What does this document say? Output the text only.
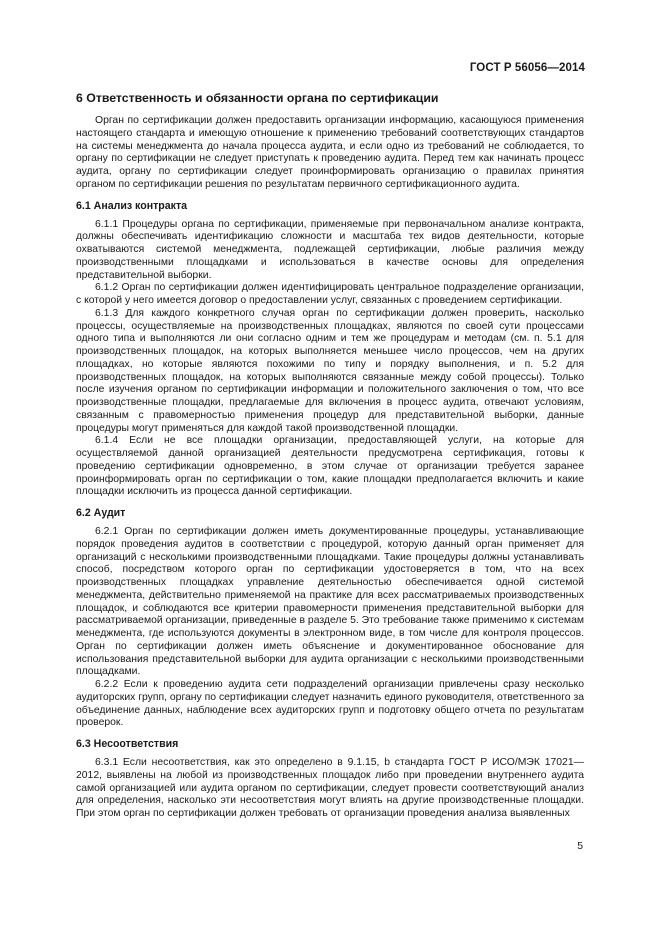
ГОСТ Р 56056—2014
6 Ответственность и обязанности органа по сертификации

Орган по сертификации должен предоставить организации информацию, касающуюся применения настоящего стандарта и имеющую отношение к применению требований соответствующих стандартов на системы менеджмента до начала процесса аудита, и если одно из требований не соблюдается, то органу по сертификации не следует приступать к проведению аудита. Перед тем как начинать процесс аудита, органу по сертификации следует проинформировать организацию о правилах принятия органом по сертификации решения по результатам первичного сертификационного аудита.

6.1 Анализ контракта

6.1.1 Процедуры органа по сертификации, применяемые при первоначальном анализе контракта, должны обеспечивать идентификацию сложности и масштаба тех видов деятельности, которые охватываются системой менеджмента, подлежащей сертификации, любые различия между производственными площадками и использоваться в качестве основы для определения представительной выборки.

6.1.2 Орган по сертификации должен идентифицировать центральное подразделение организации, с которой у него имеется договор о предоставлении услуг, связанных с проведением сертификации.

6.1.3 Для каждого конкретного случая орган по сертификации должен проверить, насколько процессы, осуществляемые на производственных площадках, являются по своей сути процессами одного типа и выполняются ли они согласно одним и тем же процедурам и методам (см. п. 5.1 для производственных площадок, на которых выполняется меньшее число процессов, чем на других площадках, но которые являются похожими по типу и порядку выполнения, и п. 5.2 для производственных площадок, на которых выполняются связанные между собой процессы). Только после изучения органом по сертификации информации и положительного заключения о том, что все производственные площадки, предлагаемые для включения в процесс аудита, отвечают условиям, связанным с правомерностью применения процедур для представительной выборки, данные процедуры могут применяться для каждой такой производственной площадки.

6.1.4 Если не все площадки организации, предоставляющей услуги, на которые для осуществляемой данной организацией деятельности предусмотрена сертификация, готовы к проведению сертификации одновременно, в этом случае от организации требуется заранее проинформировать орган по сертификации о том, какие площадки предполагается включить и какие площадки исключить из процесса данной сертификации.

6.2 Аудит

6.2.1 Орган по сертификации должен иметь документированные процедуры, устанавливающие порядок проведения аудитов в соответствии с процедурой, которую данный орган применяет для организаций с несколькими производственными площадками. Такие процедуры должны устанавливать способ, посредством которого орган по сертификации удостоверяется в том, что на всех производственных площадках управление деятельностью обеспечивается одной системой менеджмента, действительно применяемой на практике для всех рассматриваемых производственных площадок, и соблюдаются все критерии правомерности применения представительной выборки для рассматриваемой организации, приведенные в разделе 5. Это требование также применимо к системам менеджмента, где используются документы в электронном виде, в том числе для контроля процессов. Орган по сертификации должен иметь объяснение и документированное обоснование для использования представительной выборки для аудита организации с несколькими производственными площадками.

6.2.2 Если к проведению аудита сети подразделений организации привлечены сразу несколько аудиторских групп, органу по сертификации следует назначить единого руководителя, ответственного за объединение данных, наблюдение всех аудиторских групп и подготовку общего отчета по результатам проверок.

6.3 Несоответствия

6.3.1 Если несоответствия, как это определено в 9.1.15, b стандарта ГОСТ Р ИСО/МЭК 17021—2012, выявлены на любой из производственных площадок либо при проведении внутреннего аудита самой организацией или аудита органом по сертификации, следует провести соответствующий анализ для определения, насколько эти несоответствия могут влиять на другие производственные площадки. При этом орган по сертификации должен требовать от организации проведения анализа выявленных

5
